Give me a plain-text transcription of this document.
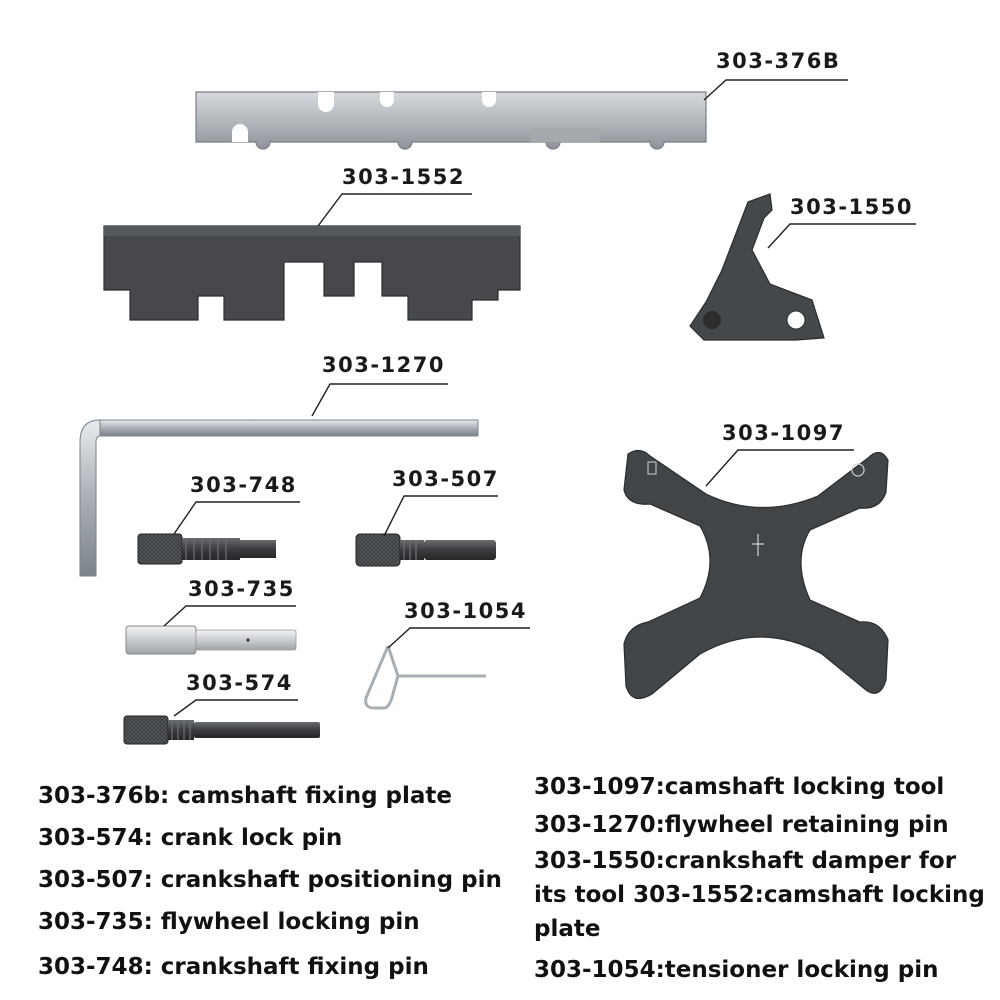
303-376B
303-1552
303-1550
303-1270
303-1097
303-748	303-507
303-735
303-1054
303-574
303-376b: camshaft fixing plate
303-574: crank lock pin
303-507: crankshaft positioning pin
303-735: flywheel locking pin
303-748: crankshaft fixing pin
303-1097:camshaft locking tool
303-1270:flywheel retaining pin
303-1550:crankshaft damper for its tool 303-1552:camshaft locking plate
303-1054:tensioner locking pin
